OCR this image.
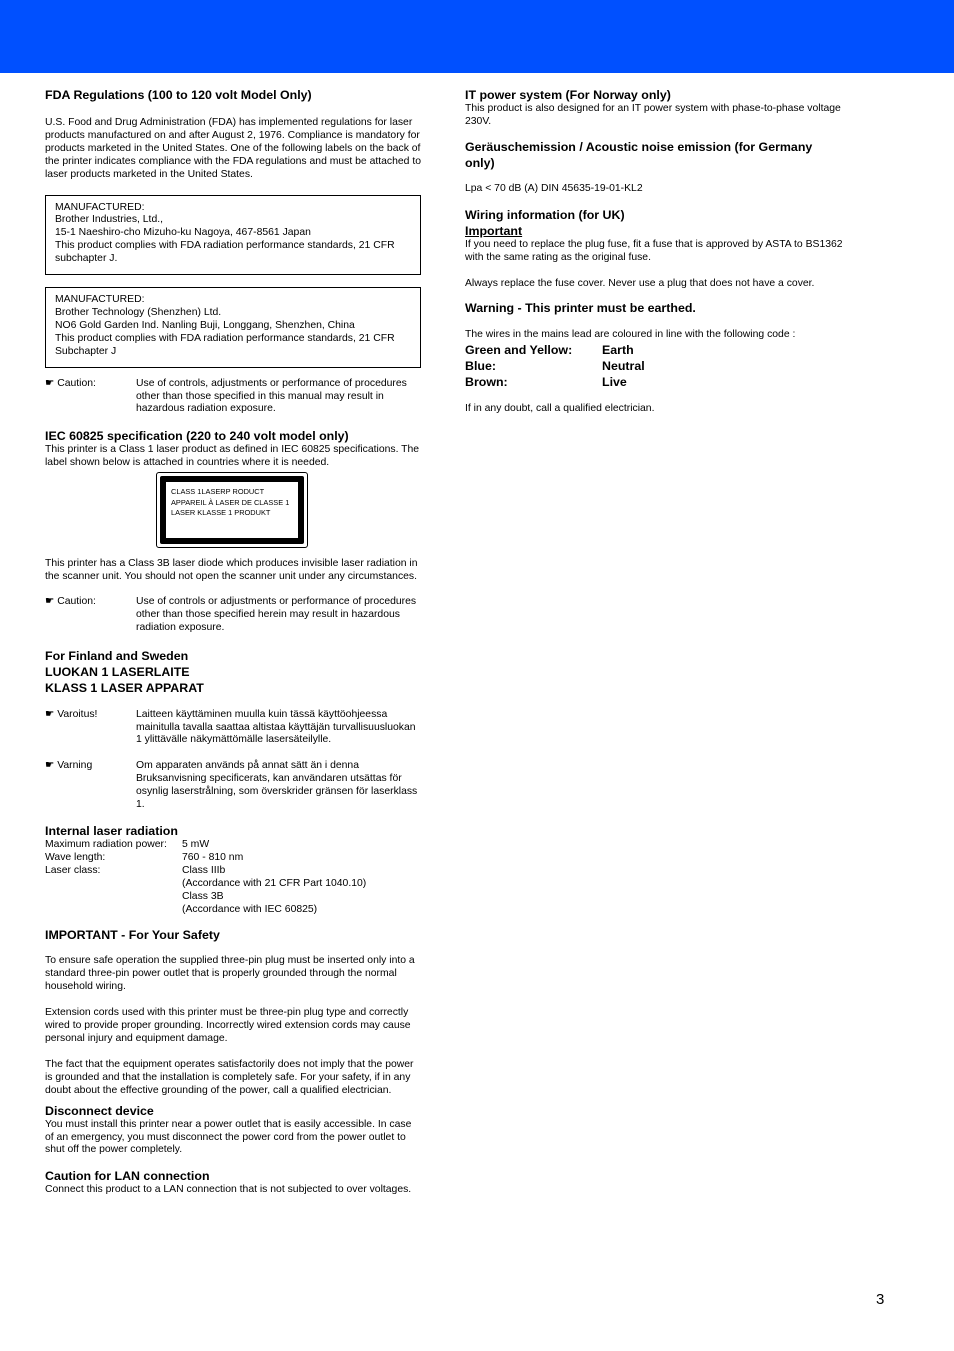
FDA Regulations (100 to 120 volt Model Only)

U.S. Food and Drug Administration (FDA) has implemented regulations for laser products manufactured on and after August 2, 1976. Compliance is mandatory for products marketed in the United States. One of the following labels on the back of the printer indicates compliance with the FDA regulations and must be attached to laser products marketed in the United States.

MANUFACTURED:

Brother Industries, Ltd.,

15-1 Naeshiro-cho Mizuho-ku Nagoya, 467-8561 Japan

This product complies with FDA radiation performance standards, 21 CFR subchapter J.

MANUFACTURED:

Brother Technology (Shenzhen) Ltd.

NO6 Gold Garden Ind. Nanling Buji, Longgang, Shenzhen, China

This product complies with FDA radiation performance standards, 21 CFR Subchapter J

☛ Caution:	Use of controls, adjustments or performance of procedures other than those specified in this manual may result in hazardous radiation exposure.
IEC 60825 specification (220 to 240 volt model only)

This printer is a Class 1 laser product as defined in IEC 60825 specifications. The label shown below is attached in countries where it is needed.

CLASS 1LASERP RODUCT
APPAREIL À LASER DE CLASSE 1
LASER KLASSE 1 PRODUKT

This printer has a Class 3B laser diode which produces invisible laser radiation in the scanner unit. You should not open the scanner unit under any circumstances.

☛ Caution:	Use of controls or adjustments or performance of procedures other than those specified herein may result in hazardous radiation exposure.
For Finland and Sweden
LUOKAN 1 LASERLAITE
KLASS 1 LASER APPARAT
☛ Varoitus!	Laitteen käyttäminen muulla kuin tässä käyttöohjeessa mainitulla tavalla saattaa altistaa käyttäjän turvallisuusluokan 1 ylittävälle näkymättömälle lasersäteilylle.
☛ Varning	Om apparaten används på annat sätt än i denna Bruksanvisning specificerats, kan användaren utsättas för osynlig laserstrålning, som överskrider gränsen för laserklass 1.
Internal laser radiation
Maximum radiation power:	5 mW
Wave length:	760 - 810 nm
Laser class:	Class IIIb
(Accordance with 21 CFR Part 1040.10)
Class 3B
(Accordance with IEC 60825)
IMPORTANT - For Your Safety

To ensure safe operation the supplied three-pin plug must be inserted only into a standard three-pin power outlet that is properly grounded through the normal household wiring.

Extension cords used with this printer must be three-pin plug type and correctly wired to provide proper grounding. Incorrectly wired extension cords may cause personal injury and equipment damage.

The fact that the equipment operates satisfactorily does not imply that the power is grounded and that the installation is completely safe. For your safety, if in any doubt about the effective grounding of the power, call a qualified electrician.

Disconnect device

You must install this printer near a power outlet that is easily accessible. In case of an emergency, you must disconnect the power cord from the power outlet to shut off the power completely.

Caution for LAN connection

Connect this product to a LAN connection that is not subjected to over voltages.

IT power system (For Norway only)

This product is also designed for an IT power system with phase-to-phase voltage 230V.

Geräuschemission / Acoustic noise emission (for Germany only)

Lpa < 70 dB (A) DIN 45635-19-01-KL2

Wiring information (for UK)
Important

If you need to replace the plug fuse, fit a fuse that is approved by ASTA to BS1362 with the same rating as the original fuse.

Always replace the fuse cover. Never use a plug that does not have a cover.

Warning - This printer must be earthed.

The wires in the mains lead are coloured in line with the following code :

Green and Yellow:	Earth
Blue:	Neutral
Brown:	Live

If in any doubt, call a qualified electrician.

3
